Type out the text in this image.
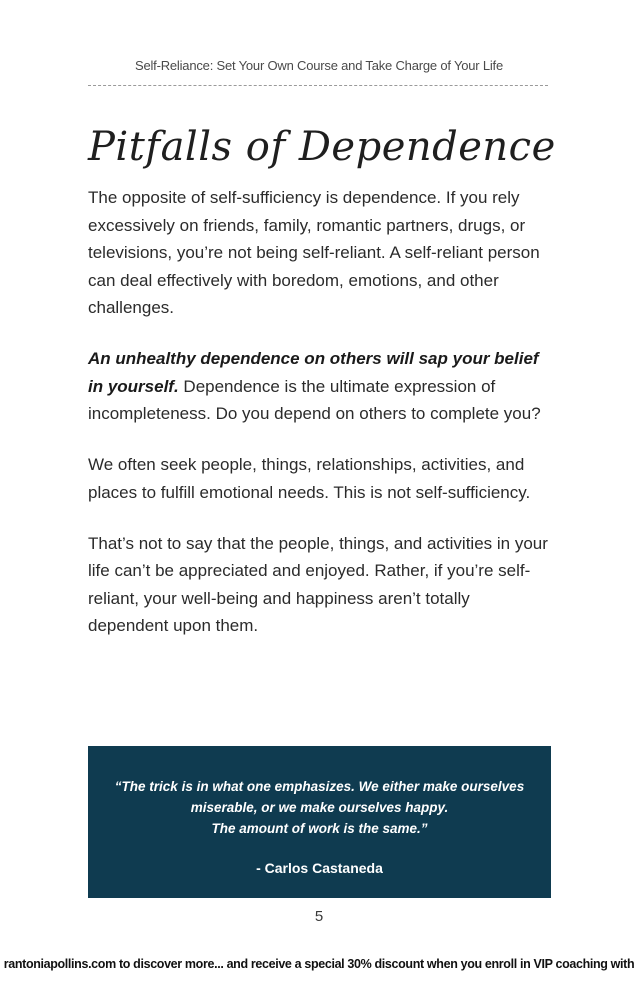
Self-Reliance: Set Your Own Course and Take Charge of Your Life
Pitfalls of Dependence

The opposite of self-sufficiency is dependence. If you rely excessively on friends, family, romantic partners, drugs, or televisions, you’re not being self-reliant. A self-reliant person can deal effectively with boredom, emotions, and other challenges.

An unhealthy dependence on others will sap your belief in yourself. Dependence is the ultimate expression of incompleteness. Do you depend on others to complete you?

We often seek people, things, relationships, activities, and places to fulfill emotional needs. This is not self-sufficiency.

That’s not to say that the people, things, and activities in your life can’t be appreciated and enjoyed. Rather, if you’re self-reliant, your well-being and happiness aren’t totally dependent upon them.

“The trick is in what one emphasizes. We either make ourselves
miserable, or we make ourselves happy.
The amount of work is the same.”
- Carlos Castaneda
5
rantoniapollins.com to discover more... and receive a special 30% discount when you enroll in VIP coaching with
